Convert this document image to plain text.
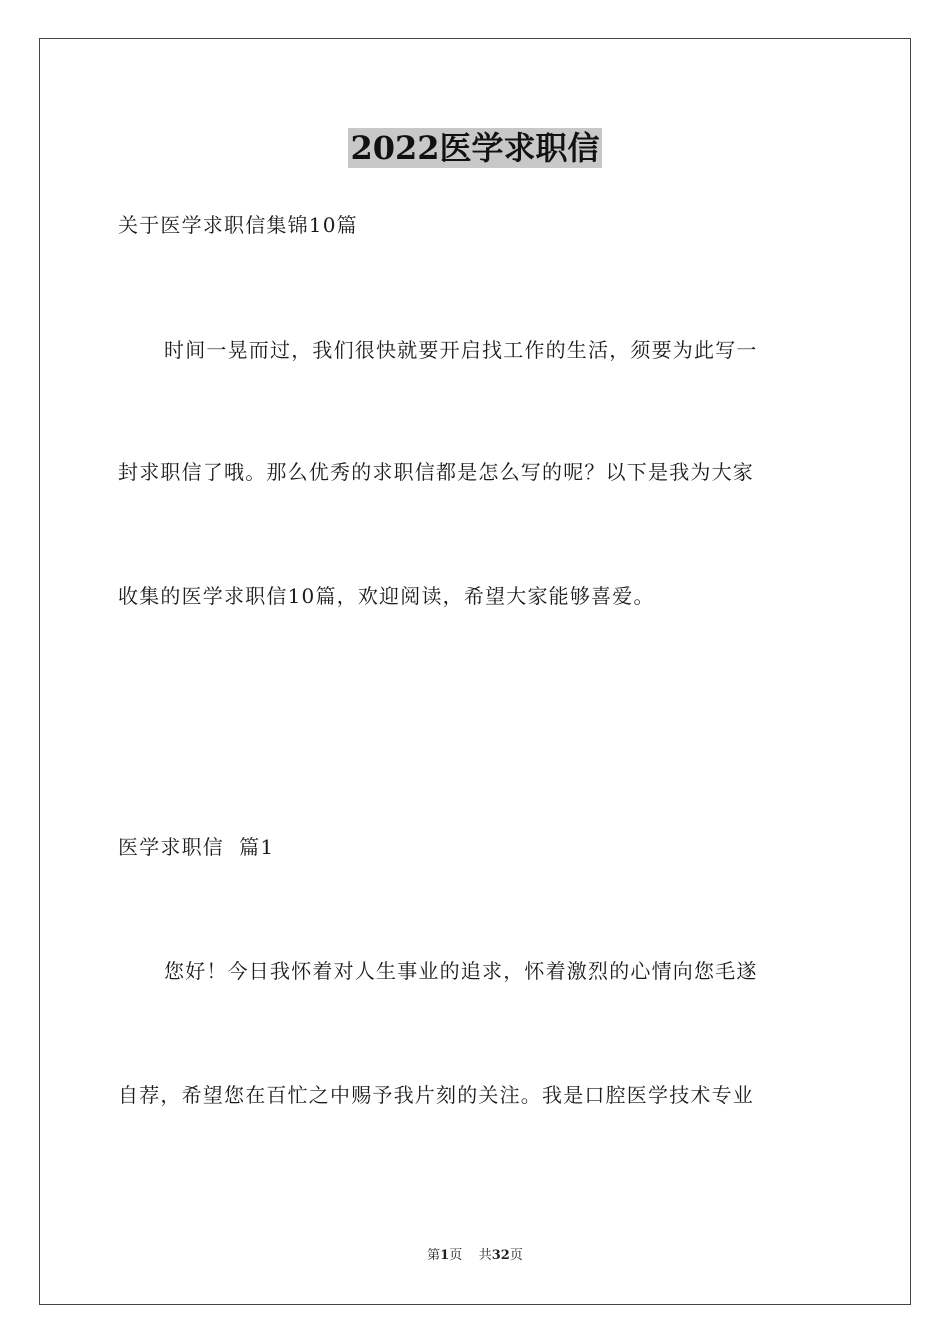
2022医学求职信
关于医学求职信集锦10篇
时间一晃而过，我们很快就要开启找工作的生活，须要为此写一
封求职信了哦。那么优秀的求职信都是怎么写的呢？以下是我为大家
收集的医学求职信10篇，欢迎阅读，希望大家能够喜爱。
医学求职信  篇1
您好！今日我怀着对人生事业的追求，怀着激烈的心情向您毛遂
自荐，希望您在百忙之中赐予我片刻的关注。我是口腔医学技术专业
第1页    共32页
